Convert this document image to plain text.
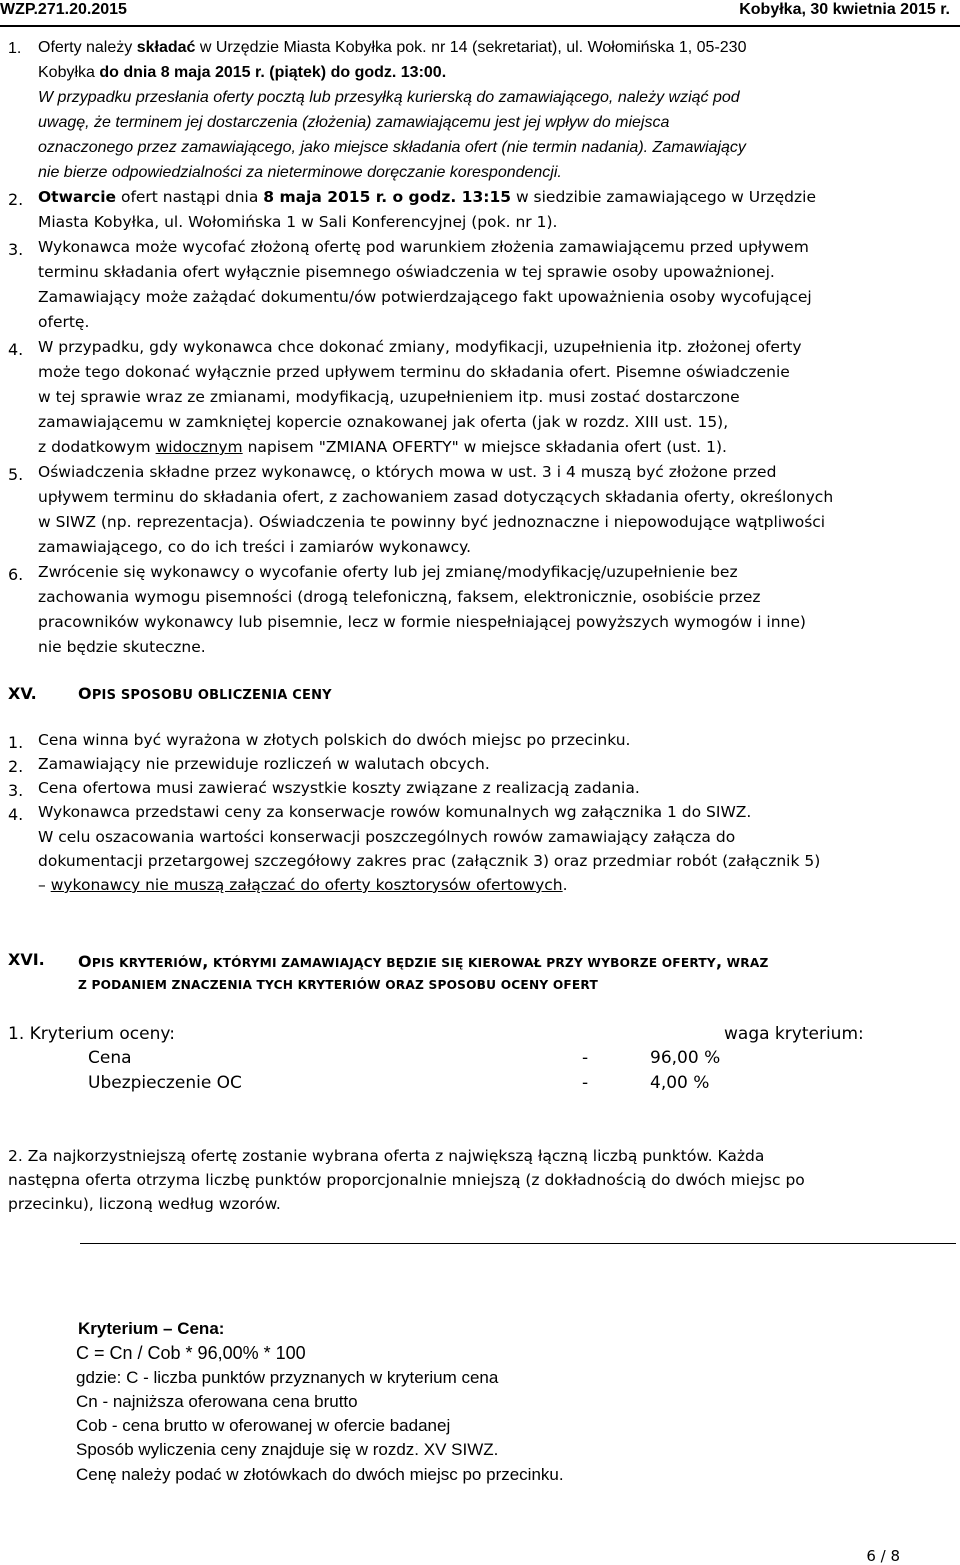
WZP.271.20.2015	Kobyłka, 30 kwietnia 2015 r.
1. Oferty należy składać w Urzędzie Miasta Kobyłka pok. nr 14 (sekretariat), ul. Wołomińska 1, 05-230
Kobyłka do dnia 8 maja 2015 r. (piątek) do godz. 13:00.
W przypadku przesłania oferty pocztą lub przesyłką kurierską do zamawiającego, należy wziąć pod
uwagę, że terminem jej dostarczenia (złożenia) zamawiającemu jest jej wpływ do miejsca
oznaczonego przez zamawiającego, jako miejsce składania ofert (nie termin nadania). Zamawiający
nie bierze odpowiedzialności za nieterminowe doręczanie korespondencji.
2. Otwarcie ofert nastąpi dnia 8 maja 2015 r. o godz. 13:15 w siedzibie zamawiającego w Urzędzie
Miasta Kobyłka, ul. Wołomińska 1 w Sali Konferencyjnej (pok. nr 1).
3. Wykonawca może wycofać złożoną ofertę pod warunkiem złożenia zamawiającemu przed upływem
terminu składania ofert wyłącznie pisemnego oświadczenia w tej sprawie osoby upoważnionej.
Zamawiający może zażądać dokumentu/ów potwierdzającego fakt upoważnienia osoby wycofującej
ofertę.
4. W przypadku, gdy wykonawca chce dokonać zmiany, modyfikacji, uzupełnienia itp. złożonej oferty
może tego dokonać wyłącznie przed upływem terminu do składania ofert. Pisemne oświadczenie
w tej sprawie wraz ze zmianami, modyfikacją, uzupełnieniem itp. musi zostać dostarczone
zamawiającemu w zamkniętej kopercie oznakowanej jak oferta (jak w rozdz. XIII ust. 15),
z dodatkowym widocznym napisem "ZMIANA OFERTY" w miejsce składania ofert (ust. 1).
5. Oświadczenia składne przez wykonawcę, o których mowa w ust. 3 i 4 muszą być złożone przed
upływem terminu do składania ofert, z zachowaniem zasad dotyczących składania oferty, określonych
w SIWZ (np. reprezentacja). Oświadczenia te powinny być jednoznaczne i niepowodujące wątpliwości
zamawiającego, co do ich treści i zamiarów wykonawcy.
6. Zwrócenie się wykonawcy o wycofanie oferty lub jej zmianę/modyfikację/uzupełnienie bez
zachowania wymogu pisemności (drogą telefoniczną, faksem, elektronicznie, osobiście przez
pracowników wykonawcy lub pisemnie, lecz w formie niespełniającej powyższych wymogów i inne)
nie będzie skuteczne.
XV.	OPIS SPOSOBU OBLICZENIA CENY
1. Cena winna być wyrażona w złotych polskich do dwóch miejsc po przecinku.
2. Zamawiający nie przewiduje rozliczeń w walutach obcych.
3. Cena ofertowa musi zawierać wszystkie koszty związane z realizacją zadania.
4. Wykonawca przedstawi ceny za konserwacje rowów komunalnych wg załącznika 1 do SIWZ.
W celu oszacowania wartości konserwacji poszczególnych rowów zamawiający załącza do
dokumentacji przetargowej szczegółowy zakres prac (załącznik 3) oraz przedmiar robót (załącznik 5)
– wykonawcy nie muszą załączać do oferty kosztorysów ofertowych.
XVI. OPIS KRYTERIÓW, KTÓRYMI ZAMAWIAJĄCY BĘDZIE SIĘ KIEROWAŁ PRZY WYBORZE OFERTY, WRAZ
Z PODANIEM ZNACZENIA TYCH KRYTERIÓW ORAZ SPOSOBU OCENY OFERT
1. Kryterium oceny:	waga kryterium:
Cena	-	96,00 %
Ubezpieczenie OC	-	4,00 %
2. Za najkorzystniejszą ofertę zostanie wybrana oferta z największą łączną liczbą punktów. Każda
następna oferta otrzyma liczbę punktów proporcjonalnie mniejszą (z dokładnością do dwóch miejsc po
przecinku), liczoną według wzorów.
Kryterium – Cena:
C = Cn / Cob * 96,00% * 100
gdzie: C - liczba punktów przyznanych w kryterium cena
Cn - najniższa oferowana cena brutto
Cob - cena brutto w oferowanej w ofercie badanej
Sposób wyliczenia ceny znajduje się w rozdz. XV SIWZ.
Cenę należy podać w złotówkach do dwóch miejsc po przecinku.
6 / 8
